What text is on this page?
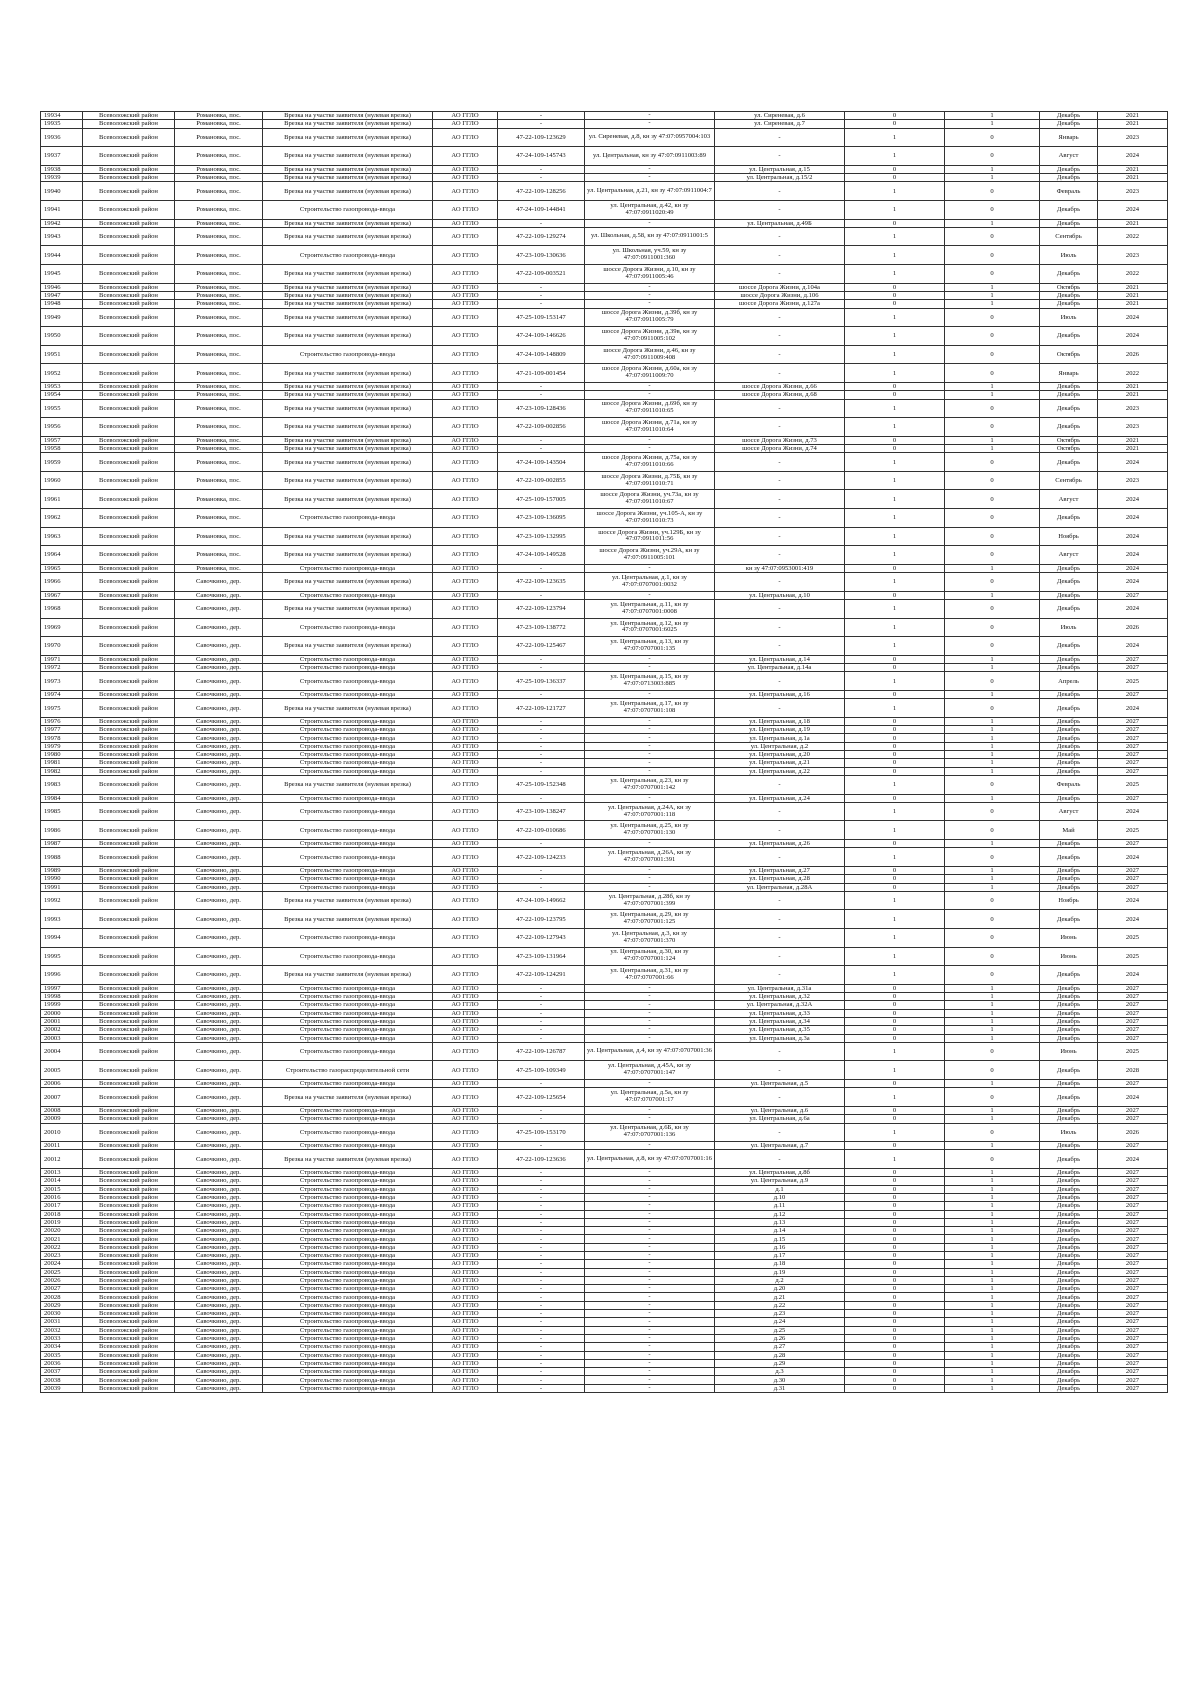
19934	Всеволожский район	Романовка, пос.	Врезка на участке заявителя (нулевая врезка)	АО ГГЛО	-	-	ул. Сиреневая, д.6	0	1	Декабрь	2021
19935	Всеволожский район	Романовка, пос.	Врезка на участке заявителя (нулевая врезка)	АО ГГЛО	-	-	ул. Сиреневая, д.7	0	1	Декабрь	2021
19936	Всеволожский район	Романовка, пос.	Врезка на участке заявителя (нулевая врезка)	АО ГГЛО	47-22-109-123629	ул. Сиреневая, д.8, кн зу 47:07:0957004:103	-	1	0	Январь	2023
19937	Всеволожский район	Романовка, пос.	Врезка на участке заявителя (нулевая врезка)	АО ГГЛО	47-24-109-145743	ул. Центральная, кн зу 47:07:0911003:89	-	1	0	Август	2024
19938	Всеволожский район	Романовка, пос.	Врезка на участке заявителя (нулевая врезка)	АО ГГЛО	-	-	ул. Центральная, д.15	0	1	Декабрь	2021
19939	Всеволожский район	Романовка, пос.	Врезка на участке заявителя (нулевая врезка)	АО ГГЛО	-	-	ул. Центральная, д.15/2	0	1	Декабрь	2021
19940	Всеволожский район	Романовка, пос.	Врезка на участке заявителя (нулевая врезка)	АО ГГЛО	47-22-109-128256	ул. Центральная, д.21, кн зу 47:07:0911004:7	-	1	0	Февраль	2023
19941	Всеволожский район	Романовка, пос.	Строительство газопровода-ввода	АО ГГЛО	47-24-109-144841	ул. Центральная, д.42, кн зу 47:07:0911020:49	-	1	0	Декабрь	2024
19942	Всеволожский район	Романовка, пос.	Врезка на участке заявителя (нулевая врезка)	АО ГГЛО	-	-	ул. Центральная, д.49Б	0	1	Декабрь	2021
19943	Всеволожский район	Романовка, пос.	Врезка на участке заявителя (нулевая врезка)	АО ГГЛО	47-22-109-129274	ул. Школьная, д.58, кн зу 47:07:0911001:5	-	1	0	Сентябрь	2022
19944	Всеволожский район	Романовка, пос.	Строительство газопровода-ввода	АО ГГЛО	47-23-109-130636	ул. Школьная, уч.59, кн зу 47:07:0911001:360	-	1	0	Июль	2023
19945	Всеволожский район	Романовка, пос.	Врезка на участке заявителя (нулевая врезка)	АО ГГЛО	47-22-109-003521	шоссе Дорога Жизни, д.10, кн зу 47:07:0911005:46	-	1	0	Декабрь	2022
19946	Всеволожский район	Романовка, пос.	Врезка на участке заявителя (нулевая врезка)	АО ГГЛО	-	-	шоссе Дорога Жизни, д.104а	0	1	Октябрь	2021
19947	Всеволожский район	Романовка, пос.	Врезка на участке заявителя (нулевая врезка)	АО ГГЛО	-	-	шоссе Дорога Жизни, д.106	0	1	Декабрь	2021
19948	Всеволожский район	Романовка, пос.	Врезка на участке заявителя (нулевая врезка)	АО ГГЛО	-	-	шоссе Дорога Жизни, д.127а	0	1	Декабрь	2021
19949	Всеволожский район	Романовка, пос.	Врезка на участке заявителя (нулевая врезка)	АО ГГЛО	47-25-109-153147	шоссе Дорога Жизни, д.39б, кн зу 47:07:0911005:79	-	1	0	Июль	2024
19950	Всеволожский район	Романовка, пос.	Врезка на участке заявителя (нулевая врезка)	АО ГГЛО	47-24-109-146626	шоссе Дорога Жизни, д.39в, кн зу 47:07:0911005:102	-	1	0	Декабрь	2024
19951	Всеволожский район	Романовка, пос.	Строительство газопровода-ввода	АО ГГЛО	47-24-109-148809	шоссе Дорога Жизни, д.46, кн зу 47:07:0911009:408	-	1	0	Октябрь	2026
19952	Всеволожский район	Романовка, пос.	Врезка на участке заявителя (нулевая врезка)	АО ГГЛО	47-21-109-001454	шоссе Дорога Жизни, д.60а, кн зу 47:07:0911009:70	-	1	0	Январь	2022
19953	Всеволожский район	Романовка, пос.	Врезка на участке заявителя (нулевая врезка)	АО ГГЛО	-	-	шоссе Дорога Жизни, д.66	0	1	Декабрь	2021
19954	Всеволожский район	Романовка, пос.	Врезка на участке заявителя (нулевая врезка)	АО ГГЛО	-	-	шоссе Дорога Жизни, д.68	0	1	Декабрь	2021
19955	Всеволожский район	Романовка, пос.	Врезка на участке заявителя (нулевая врезка)	АО ГГЛО	47-23-109-128436	шоссе Дорога Жизни, д.69б, кн зу 47:07:0911010:65	-	1	0	Декабрь	2023
19956	Всеволожский район	Романовка, пос.	Врезка на участке заявителя (нулевая врезка)	АО ГГЛО	47-22-109-002856	шоссе Дорога Жизни, д.71а, кн зу 47:07:0911010:64	-	1	0	Декабрь	2023
19957	Всеволожский район	Романовка, пос.	Врезка на участке заявителя (нулевая врезка)	АО ГГЛО	-	-	шоссе Дорога Жизни, д.73	0	1	Октябрь	2021
19958	Всеволожский район	Романовка, пос.	Врезка на участке заявителя (нулевая врезка)	АО ГГЛО	-	-	шоссе Дорога Жизни, д.74	0	1	Октябрь	2021
19959	Всеволожский район	Романовка, пос.	Врезка на участке заявителя (нулевая врезка)	АО ГГЛО	47-24-109-143504	шоссе Дорога Жизни, д.75а, кн зу 47:07:0911010:66	-	1	0	Декабрь	2024
19960	Всеволожский район	Романовка, пос.	Врезка на участке заявителя (нулевая врезка)	АО ГГЛО	47-22-109-002855	шоссе Дорога Жизни, д.75Б, кн зу 47:07:0911010:71	-	1	0	Сентябрь	2023
19961	Всеволожский район	Романовка, пос.	Врезка на участке заявителя (нулевая врезка)	АО ГГЛО	47-25-109-157005	шоссе Дорога Жизни, уч.73а, кн зу 47:07:0911010:67	-	1	0	Август	2024
19962	Всеволожский район	Романовка, пос.	Строительство газопровода-ввода	АО ГГЛО	47-23-109-136095	шоссе Дорога Жизни, уч.105-А, кн зу 47:07:0911010:73	-	1	0	Декабрь	2024
19963	Всеволожский район	Романовка, пос.	Врезка на участке заявителя (нулевая врезка)	АО ГГЛО	47-23-109-132995	шоссе Дорога Жизни, уч.129Б, кн зу 47:07:0911011:56	-	1	0	Ноябрь	2024
19964	Всеволожский район	Романовка, пос.	Врезка на участке заявителя (нулевая врезка)	АО ГГЛО	47-24-109-149528	шоссе Дорога Жизни, уч.29А, кн зу 47:07:0911005:101	-	1	0	Август	2024
19965	Всеволожский район	Романовка, пос.	Строительство газопровода-ввода	АО ГГЛО	-	-	кн зу 47:07:0953001:419	0	1	Декабрь	2024
19966	Всеволожский район	Савочкино, дер.	Врезка на участке заявителя (нулевая врезка)	АО ГГЛО	47-22-109-123635	ул. Центральная, д.1, кн зу 47:07:0707001:0032	-	1	0	Декабрь	2024
19967	Всеволожский район	Савочкино, дер.	Строительство газопровода-ввода	АО ГГЛО	-	-	ул. Центральная, д.10	0	1	Декабрь	2027
19968	Всеволожский район	Савочкино, дер.	Врезка на участке заявителя (нулевая врезка)	АО ГГЛО	47-22-109-123794	ул. Центральная, д.11, кн зу 47:07:0707001:0008	-	1	0	Декабрь	2024
19969	Всеволожский район	Савочкино, дер.	Строительство газопровода-ввода	АО ГГЛО	47-23-109-138772	ул. Центральная, д.12, кн зу 47:07:0707001:6025	-	1	0	Июль	2026
19970	Всеволожский район	Савочкино, дер.	Врезка на участке заявителя (нулевая врезка)	АО ГГЛО	47-22-109-125467	ул. Центральная, д.13, кн зу 47:07:0707001:135	-	1	0	Декабрь	2024
19971	Всеволожский район	Савочкино, дер.	Строительство газопровода-ввода	АО ГГЛО	-	-	ул. Центральная, д.14	0	1	Декабрь	2027
19972	Всеволожский район	Савочкино, дер.	Строительство газопровода-ввода	АО ГГЛО	-	-	ул. Центральная, д.14а	0	1	Декабрь	2027
19973	Всеволожский район	Савочкино, дер.	Строительство газопровода-ввода	АО ГГЛО	47-25-109-136337	ул. Центральная, д.15, кн зу 47:07:0713003:885	-	1	0	Апрель	2025
19974	Всеволожский район	Савочкино, дер.	Строительство газопровода-ввода	АО ГГЛО	-	-	ул. Центральная, д.16	0	1	Декабрь	2027
19975	Всеволожский район	Савочкино, дер.	Врезка на участке заявителя (нулевая врезка)	АО ГГЛО	47-22-109-121727	ул. Центральная, д.17, кн зу 47:07:0707001:108	-	1	0	Декабрь	2024
19976	Всеволожский район	Савочкино, дер.	Строительство газопровода-ввода	АО ГГЛО	-	-	ул. Центральная, д.18	0	1	Декабрь	2027
19977	Всеволожский район	Савочкино, дер.	Строительство газопровода-ввода	АО ГГЛО	-	-	ул. Центральная, д.19	0	1	Декабрь	2027
19978	Всеволожский район	Савочкино, дер.	Строительство газопровода-ввода	АО ГГЛО	-	-	ул. Центральная, д.1а	0	1	Декабрь	2027
19979	Всеволожский район	Савочкино, дер.	Строительство газопровода-ввода	АО ГГЛО	-	-	ул. Центральная, д.2	0	1	Декабрь	2027
19980	Всеволожский район	Савочкино, дер.	Строительство газопровода-ввода	АО ГГЛО	-	-	ул. Центральная, д.20	0	1	Декабрь	2027
19981	Всеволожский район	Савочкино, дер.	Строительство газопровода-ввода	АО ГГЛО	-	-	ул. Центральная, д.21	0	1	Декабрь	2027
19982	Всеволожский район	Савочкино, дер.	Строительство газопровода-ввода	АО ГГЛО	-	-	ул. Центральная, д.22	0	1	Декабрь	2027
19983	Всеволожский район	Савочкино, дер.	Врезка на участке заявителя (нулевая врезка)	АО ГГЛО	47-25-109-152348	ул. Центральная, д.23, кн зу 47:07:0707001:142	-	1	0	Февраль	2025
19984	Всеволожский район	Савочкино, дер.	Строительство газопровода-ввода	АО ГГЛО	-	-	ул. Центральная, д.24	0	1	Декабрь	2027
19985	Всеволожский район	Савочкино, дер.	Строительство газопровода-ввода	АО ГГЛО	47-23-109-138247	ул. Центральная, д.24А, кн зу 47:07:0707001:118	-	1	0	Август	2024
19986	Всеволожский район	Савочкино, дер.	Строительство газопровода-ввода	АО ГГЛО	47-22-109-010686	ул. Центральная, д.25, кн зу 47:07:0707001:130	-	1	0	Май	2025
19987	Всеволожский район	Савочкино, дер.	Строительство газопровода-ввода	АО ГГЛО	-	-	ул. Центральная, д.26	0	1	Декабрь	2027
19988	Всеволожский район	Савочкино, дер.	Строительство газопровода-ввода	АО ГГЛО	47-22-109-124233	ул. Центральная, д.26А, кн зу 47:07:0707001:391	-	1	0	Декабрь	2024
19989	Всеволожский район	Савочкино, дер.	Строительство газопровода-ввода	АО ГГЛО	-	-	ул. Центральная, д.27	0	1	Декабрь	2027
19990	Всеволожский район	Савочкино, дер.	Строительство газопровода-ввода	АО ГГЛО	-	-	ул. Центральная, д.28	0	1	Декабрь	2027
19991	Всеволожский район	Савочкино, дер.	Строительство газопровода-ввода	АО ГГЛО	-	-	ул. Центральная, д.28А	0	1	Декабрь	2027
19992	Всеволожский район	Савочкино, дер.	Врезка на участке заявителя (нулевая врезка)	АО ГГЛО	47-24-109-149662	ул. Центральная, д.28б, кн зу 47:07:0707001:399	-	1	0	Ноябрь	2024
19993	Всеволожский район	Савочкино, дер.	Врезка на участке заявителя (нулевая врезка)	АО ГГЛО	47-22-109-123795	ул. Центральная, д.29, кн зу 47:07:0707001:125	-	1	0	Декабрь	2024
19994	Всеволожский район	Савочкино, дер.	Строительство газопровода-ввода	АО ГГЛО	47-22-109-127943	ул. Центральная, д.3, кн зу 47:07:0707001:370	-	1	0	Июнь	2025
19995	Всеволожский район	Савочкино, дер.	Строительство газопровода-ввода	АО ГГЛО	47-23-109-131964	ул. Центральная, д.30, кн зу 47:07:0707001:124	-	1	0	Июнь	2025
19996	Всеволожский район	Савочкино, дер.	Врезка на участке заявителя (нулевая врезка)	АО ГГЛО	47-22-109-124291	ул. Центральная, д.31, кн зу 47:07:0707001:66	-	1	0	Декабрь	2024
19997	Всеволожский район	Савочкино, дер.	Строительство газопровода-ввода	АО ГГЛО	-	-	ул. Центральная, д.31а	0	1	Декабрь	2027
19998	Всеволожский район	Савочкино, дер.	Строительство газопровода-ввода	АО ГГЛО	-	-	ул. Центральная, д.32	0	1	Декабрь	2027
19999	Всеволожский район	Савочкино, дер.	Строительство газопровода-ввода	АО ГГЛО	-	-	ул. Центральная, д.32А	0	1	Декабрь	2027
20000	Всеволожский район	Савочкино, дер.	Строительство газопровода-ввода	АО ГГЛО	-	-	ул. Центральная, д.33	0	1	Декабрь	2027
20001	Всеволожский район	Савочкино, дер.	Строительство газопровода-ввода	АО ГГЛО	-	-	ул. Центральная, д.34	0	1	Декабрь	2027
20002	Всеволожский район	Савочкино, дер.	Строительство газопровода-ввода	АО ГГЛО	-	-	ул. Центральная, д.35	0	1	Декабрь	2027
20003	Всеволожский район	Савочкино, дер.	Строительство газопровода-ввода	АО ГГЛО	-	-	ул. Центральная, д.3а	0	1	Декабрь	2027
20004	Всеволожский район	Савочкино, дер.	Строительство газопровода-ввода	АО ГГЛО	47-22-109-126787	ул. Центральная, д.4, кн зу 47:07:0707001:36	-	1	0	Июнь	2025
20005	Всеволожский район	Савочкино, дер.	Строительство газораспределительной сети	АО ГГЛО	47-25-109-109349	ул. Центральная, д.45А, кн зу 47:07:0707001:147	-	1	0	Декабрь	2028
20006	Всеволожский район	Савочкино, дер.	Строительство газопровода-ввода	АО ГГЛО	-	-	ул. Центральная, д.5	0	1	Декабрь	2027
20007	Всеволожский район	Савочкино, дер.	Врезка на участке заявителя (нулевая врезка)	АО ГГЛО	47-22-109-125654	ул. Центральная, д.5а, кн зу 47:07:0707001:17	-	1	0	Декабрь	2024
20008	Всеволожский район	Савочкино, дер.	Строительство газопровода-ввода	АО ГГЛО	-	-	ул. Центральная, д.6	0	1	Декабрь	2027
20009	Всеволожский район	Савочкино, дер.	Строительство газопровода-ввода	АО ГГЛО	-	-	ул. Центральная, д.6а	0	1	Декабрь	2027
20010	Всеволожский район	Савочкино, дер.	Строительство газопровода-ввода	АО ГГЛО	47-25-109-153170	ул. Центральная, д.6Б, кн зу 47:07:0707001:136	-	1	0	Июль	2026
20011	Всеволожский район	Савочкино, дер.	Строительство газопровода-ввода	АО ГГЛО	-	-	ул. Центральная, д.7	0	1	Декабрь	2027
20012	Всеволожский район	Савочкино, дер.	Врезка на участке заявителя (нулевая врезка)	АО ГГЛО	47-22-109-123636	ул. Центральная, д.8, кн зу 47:07:0707001:16	-	1	0	Декабрь	2024
20013	Всеволожский район	Савочкино, дер.	Строительство газопровода-ввода	АО ГГЛО	-	-	ул. Центральная, д.8б	0	1	Декабрь	2027
20014	Всеволожский район	Савочкино, дер.	Строительство газопровода-ввода	АО ГГЛО	-	-	ул. Центральная, д.9	0	1	Декабрь	2027
20015	Всеволожский район	Савочкино, дер.	Строительство газопровода-ввода	АО ГГЛО	-	-	д.1	0	1	Декабрь	2027
20016	Всеволожский район	Савочкино, дер.	Строительство газопровода-ввода	АО ГГЛО	-	-	д.10	0	1	Декабрь	2027
20017	Всеволожский район	Савочкино, дер.	Строительство газопровода-ввода	АО ГГЛО	-	-	д.11	0	1	Декабрь	2027
20018	Всеволожский район	Савочкино, дер.	Строительство газопровода-ввода	АО ГГЛО	-	-	д.12	0	1	Декабрь	2027
20019	Всеволожский район	Савочкино, дер.	Строительство газопровода-ввода	АО ГГЛО	-	-	д.13	0	1	Декабрь	2027
20020	Всеволожский район	Савочкино, дер.	Строительство газопровода-ввода	АО ГГЛО	-	-	д.14	0	1	Декабрь	2027
20021	Всеволожский район	Савочкино, дер.	Строительство газопровода-ввода	АО ГГЛО	-	-	д.15	0	1	Декабрь	2027
20022	Всеволожский район	Савочкино, дер.	Строительство газопровода-ввода	АО ГГЛО	-	-	д.16	0	1	Декабрь	2027
20023	Всеволожский район	Савочкино, дер.	Строительство газопровода-ввода	АО ГГЛО	-	-	д.17	0	1	Декабрь	2027
20024	Всеволожский район	Савочкино, дер.	Строительство газопровода-ввода	АО ГГЛО	-	-	д.18	0	1	Декабрь	2027
20025	Всеволожский район	Савочкино, дер.	Строительство газопровода-ввода	АО ГГЛО	-	-	д.19	0	1	Декабрь	2027
20026	Всеволожский район	Савочкино, дер.	Строительство газопровода-ввода	АО ГГЛО	-	-	д.2	0	1	Декабрь	2027
20027	Всеволожский район	Савочкино, дер.	Строительство газопровода-ввода	АО ГГЛО	-	-	д.20	0	1	Декабрь	2027
20028	Всеволожский район	Савочкино, дер.	Строительство газопровода-ввода	АО ГГЛО	-	-	д.21	0	1	Декабрь	2027
20029	Всеволожский район	Савочкино, дер.	Строительство газопровода-ввода	АО ГГЛО	-	-	д.22	0	1	Декабрь	2027
20030	Всеволожский район	Савочкино, дер.	Строительство газопровода-ввода	АО ГГЛО	-	-	д.23	0	1	Декабрь	2027
20031	Всеволожский район	Савочкино, дер.	Строительство газопровода-ввода	АО ГГЛО	-	-	д.24	0	1	Декабрь	2027
20032	Всеволожский район	Савочкино, дер.	Строительство газопровода-ввода	АО ГГЛО	-	-	д.25	0	1	Декабрь	2027
20033	Всеволожский район	Савочкино, дер.	Строительство газопровода-ввода	АО ГГЛО	-	-	д.26	0	1	Декабрь	2027
20034	Всеволожский район	Савочкино, дер.	Строительство газопровода-ввода	АО ГГЛО	-	-	д.27	0	1	Декабрь	2027
20035	Всеволожский район	Савочкино, дер.	Строительство газопровода-ввода	АО ГГЛО	-	-	д.28	0	1	Декабрь	2027
20036	Всеволожский район	Савочкино, дер.	Строительство газопровода-ввода	АО ГГЛО	-	-	д.29	0	1	Декабрь	2027
20037	Всеволожский район	Савочкино, дер.	Строительство газопровода-ввода	АО ГГЛО	-	-	д.3	0	1	Декабрь	2027
20038	Всеволожский район	Савочкино, дер.	Строительство газопровода-ввода	АО ГГЛО	-	-	д.30	0	1	Декабрь	2027
20039	Всеволожский район	Савочкино, дер.	Строительство газопровода-ввода	АО ГГЛО	-	-	д.31	0	1	Декабрь	2027
